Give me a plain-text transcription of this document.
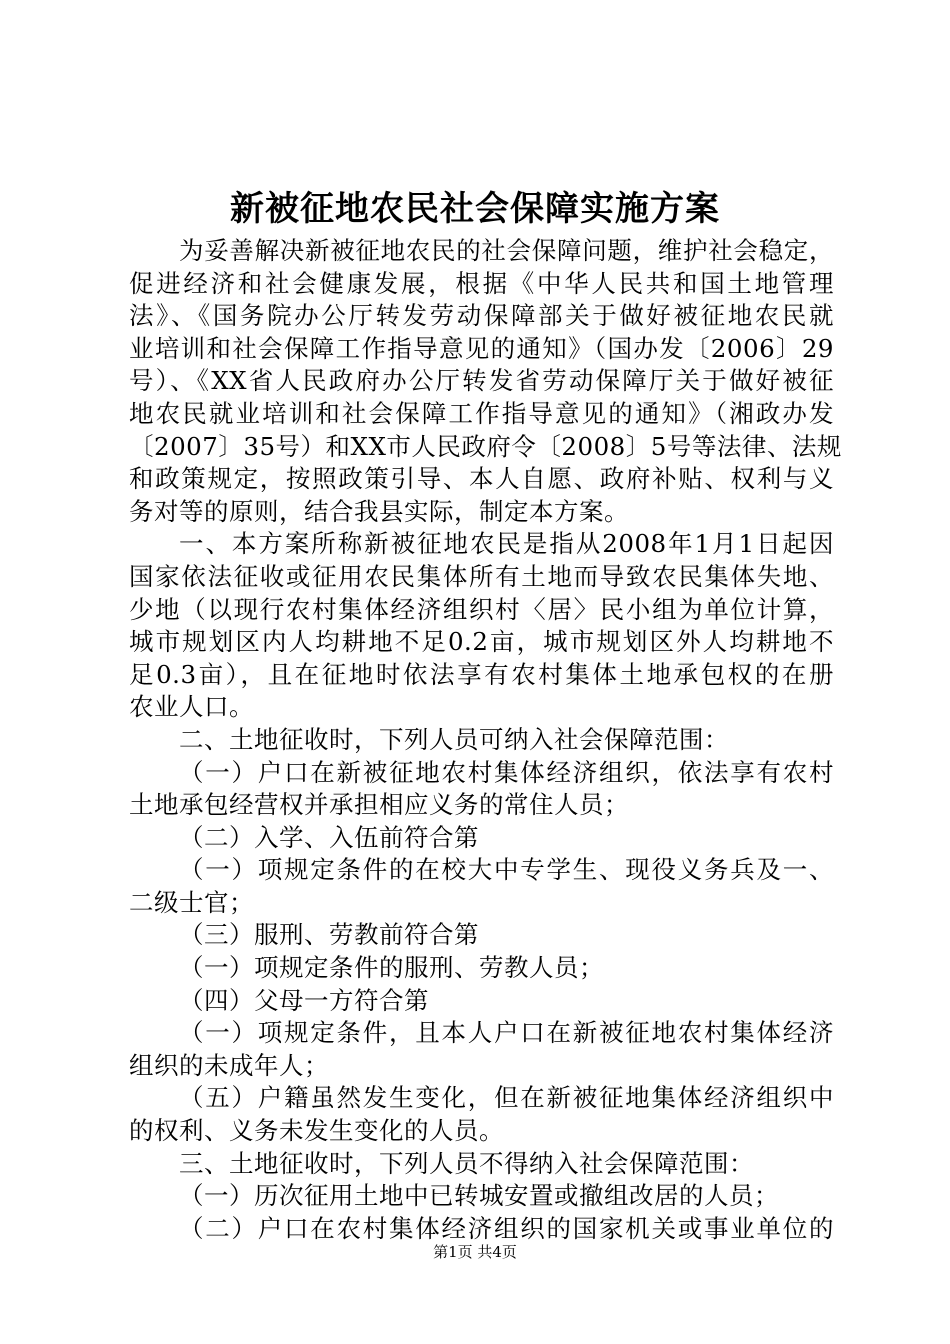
新被征地农民社会保障实施方案
为妥善解决新被征地农民的社会保障问题，维护社会稳定，
促进经济和社会健康发展，根据《中华人民共和国土地管理
法》、《国务院办公厅转发劳动保障部关于做好被征地农民就
业培训和社会保障工作指导意见的通知》（国办发〔2006〕29
号）、《XX省人民政府办公厅转发省劳动保障厅关于做好被征
地农民就业培训和社会保障工作指导意见的通知》（湘政办发
〔2007〕35号）和XX市人民政府令〔2008〕5号等法律、法规
和政策规定，按照政策引导、本人自愿、政府补贴、权利与义
务对等的原则，结合我县实际，制定本方案。
一、本方案所称新被征地农民是指从2008年1月1日起因
国家依法征收或征用农民集体所有土地而导致农民集体失地、
少地（以现行农村集体经济组织村〈居〉民小组为单位计算，
城市规划区内人均耕地不足0.2亩，城市规划区外人均耕地不
足0.3亩），且在征地时依法享有农村集体土地承包权的在册
农业人口。
二、土地征收时，下列人员可纳入社会保障范围：
（一）户口在新被征地农村集体经济组织，依法享有农村
土地承包经营权并承担相应义务的常住人员；
（二）入学、入伍前符合第
（一）项规定条件的在校大中专学生、现役义务兵及一、
二级士官；
（三）服刑、劳教前符合第
（一）项规定条件的服刑、劳教人员；
（四）父母一方符合第
（一）项规定条件，且本人户口在新被征地农村集体经济
组织的未成年人；
（五）户籍虽然发生变化，但在新被征地集体经济组织中
的权利、义务未发生变化的人员。
三、土地征收时，下列人员不得纳入社会保障范围：
（一）历次征用土地中已转城安置或撤组改居的人员；
（二）户口在农村集体经济组织的国家机关或事业单位的
第1页 共4页
